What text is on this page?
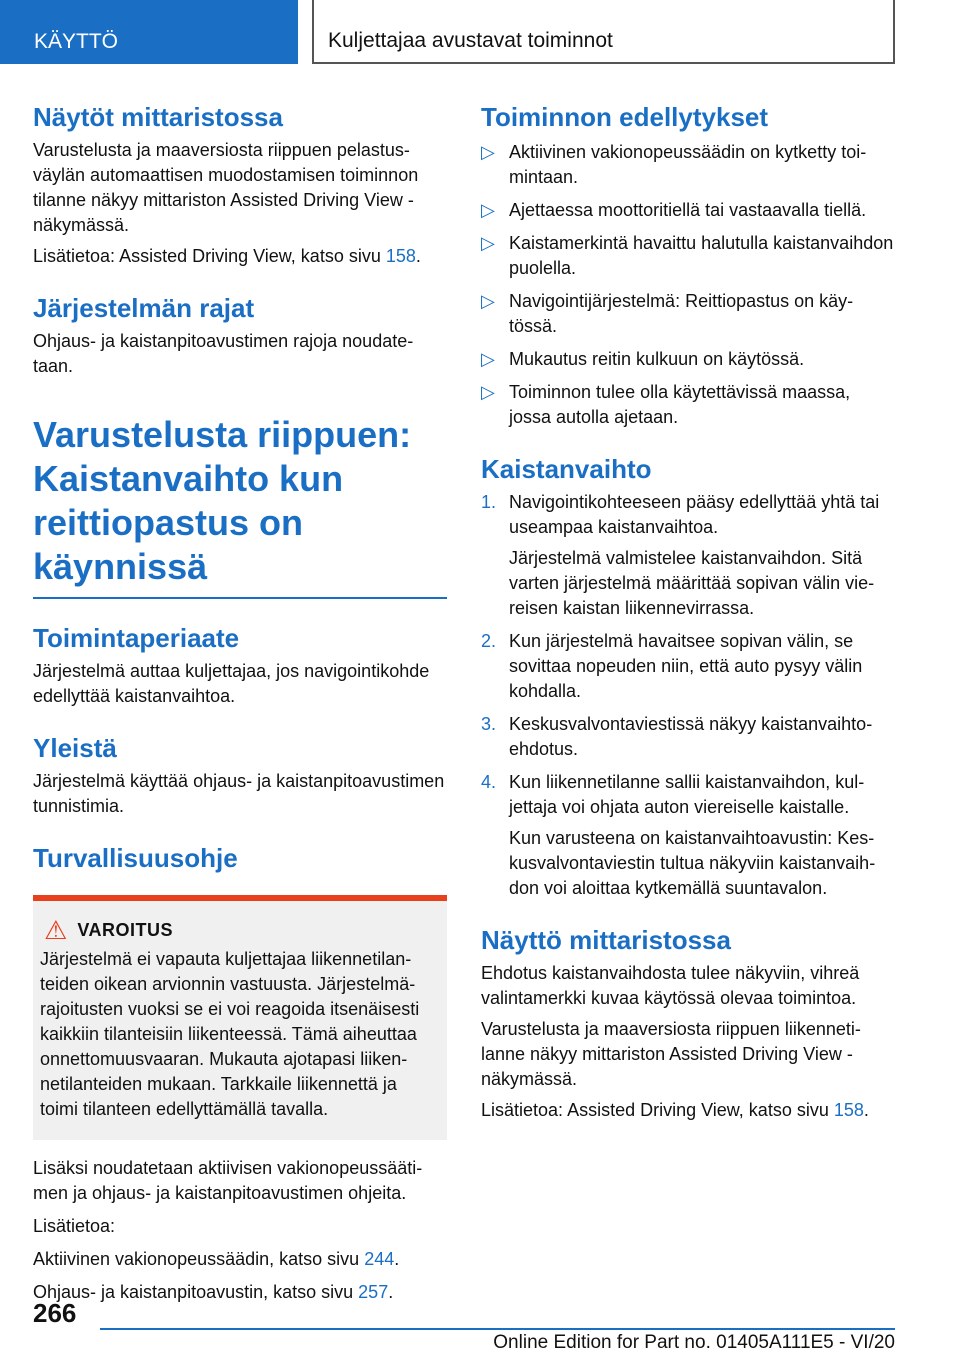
KÄYTTÖ	Kuljettajaa avustavat toiminnot
Näytöt mittaristossa

Varustelusta ja maaversiosta riippuen pelastusväylän automaattisen muodostamisen toiminnon tilanne näkyy mittariston Assisted Driving View -näkymässä.

Lisätietoa: Assisted Driving View, katso sivu 158.

Järjestelmän rajat

Ohjaus- ja kaistanpitoavustimen rajoja noudatetaan.

Varustelusta riippuen: Kaistanvaihto kun reittiopastus on käynnissä
Toimintaperiaate

Järjestelmä auttaa kuljettajaa, jos navigointikohde edellyttää kaistanvaihtoa.

Yleistä

Järjestelmä käyttää ohjaus- ja kaistanpitoavustimen tunnistimia.

Turvallisuusohje
⚠ VAROITUS

Järjestelmä ei vapauta kuljettajaa liikennetilanteiden oikean arvionnin vastuusta. Järjestelmärajoitusten vuoksi se ei voi reagoida itsenäisesti kaikkiin tilanteisiin liikenteessä. Tämä aiheuttaa onnettomuusvaaran. Mukauta ajotapasi liikennetilanteiden mukaan. Tarkkaile liikennettä ja toimi tilanteen edellyttämällä tavalla.

Lisäksi noudatetaan aktiivisen vakionopeussäätimen ja ohjaus- ja kaistanpitoavustimen ohjeita.

Lisätietoa:

Aktiivinen vakionopeussäädin, katso sivu 244.

Ohjaus- ja kaistanpitoavustin, katso sivu 257.

Toiminnon edellytykset
▷ Aktiivinen vakionopeussäädin on kytketty toimintaan.
▷ Ajettaessa moottoritiellä tai vastaavalla tiellä.
▷ Kaistamerkintä havaittu halutulla kaistanvaihdon puolella.
▷ Navigointijärjestelmä: Reittiopastus on käytössä.
▷ Mukautus reitin kulkuun on käytössä.
▷ Toiminnon tulee olla käytettävissä maassa, jossa autolla ajetaan.
Kaistanvaihto
1. Navigointikohteeseen pääsy edellyttää yhtä tai useampaa kaistanvaihtoa.
Järjestelmä valmistelee kaistanvaihdon. Sitä varten järjestelmä määrittää sopivan välin viereisen kaistan liikennevirrassa.
2. Kun järjestelmä havaitsee sopivan välin, se sovittaa nopeuden niin, että auto pysyy välin kohdalla.
3. Keskusvalvontaviestissä näkyy kaistanvaihtoehdotus.
4. Kun liikennetilanne sallii kaistanvaihdon, kuljettaja voi ohjata auton viereiselle kaistalle.
Kun varusteena on kaistanvaihtoavustin: Keskusvalvontaviestin tultua näkyviin kaistanvaihdon voi aloittaa kytkemällä suuntavalon.
Näyttö mittaristossa

Ehdotus kaistanvaihdosta tulee näkyviin, vihreä valintamerkki kuvaa käytössä olevaa toimintoa.

Varustelusta ja maaversiosta riippuen liikennetilanne näkyy mittariston Assisted Driving View -näkymässä.

Lisätietoa: Assisted Driving View, katso sivu 158.

266
Online Edition for Part no. 01405A111E5 - VI/20
